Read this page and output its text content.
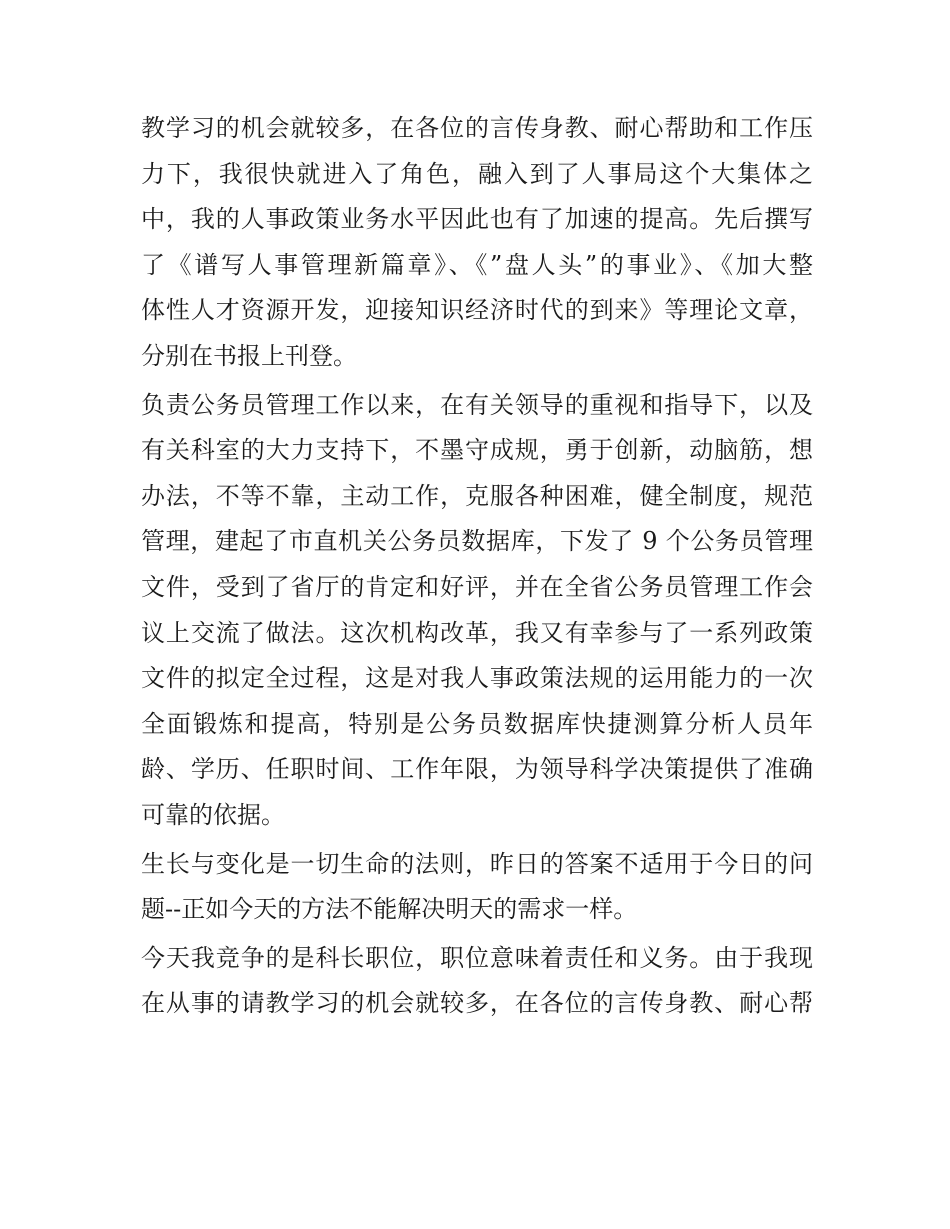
教学习的机会就较多，在各位的言传身教、耐心帮助和工作压
力下，我很快就进入了角色，融入到了人事局这个大集体之
中，我的人事政策业务水平因此也有了加速的提高。先后撰写
了《谱写人事管理新篇章》、《”盘人头”的事业》、《加大整
体性人才资源开发，迎接知识经济时代的到来》等理论文章，
分别在书报上刊登。
负责公务员管理工作以来，在有关领导的重视和指导下，以及
有关科室的大力支持下，不墨守成规，勇于创新，动脑筋，想
办法，不等不靠，主动工作，克服各种困难，健全制度，规范
管理，建起了市直机关公务员数据库，下发了 9 个公务员管理
文件，受到了省厅的肯定和好评，并在全省公务员管理工作会
议上交流了做法。这次机构改革，我又有幸参与了一系列政策
文件的拟定全过程，这是对我人事政策法规的运用能力的一次
全面锻炼和提高，特别是公务员数据库快捷测算分析人员年
龄、学历、任职时间、工作年限，为领导科学决策提供了准确
可靠的依据。
生长与变化是一切生命的法则，昨日的答案不适用于今日的问
题--正如今天的方法不能解决明天的需求一样。
今天我竞争的是科长职位，职位意味着责任和义务。由于我现
在从事的请教学习的机会就较多，在各位的言传身教、耐心帮
